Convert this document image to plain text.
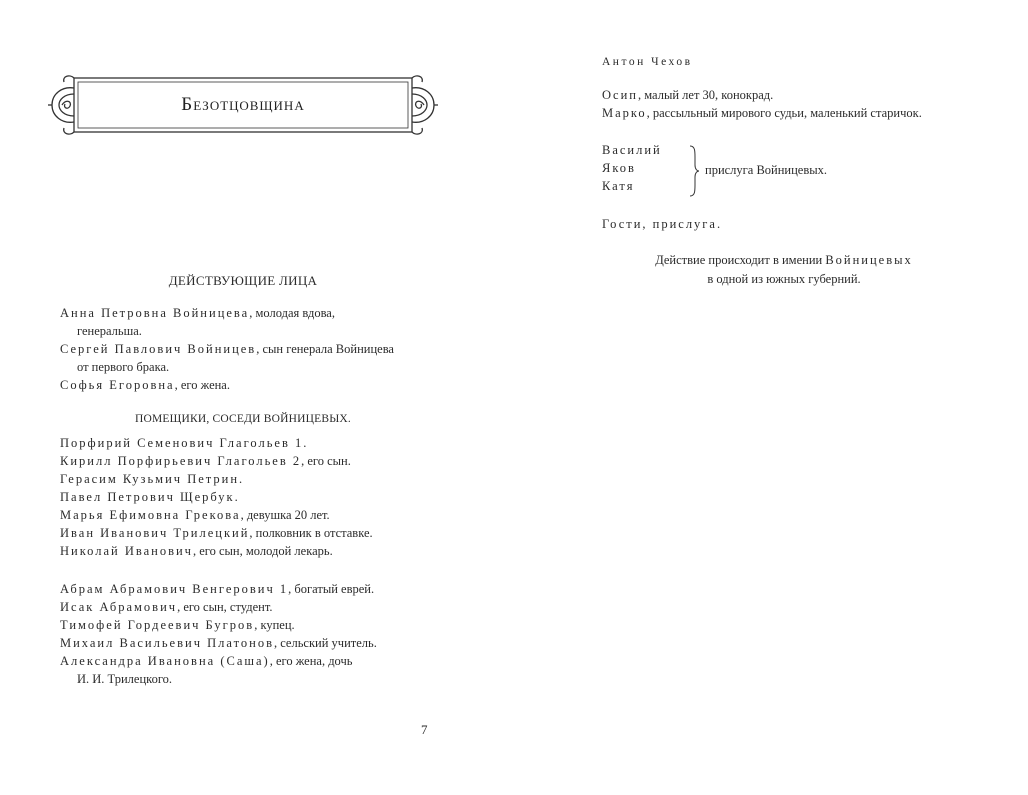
Безотцовщина
ДЕЙСТВУЮЩИЕ ЛИЦА
Анна Петровна Войницева, молодая вдова,
генеральша.
Сергей Павлович Войницев, сын генерала Войницева
от первого брака.
Софья Егоровна, его жена.
ПОМЕЩИКИ, СОСЕДИ ВОЙНИЦЕВЫХ.
Порфирий Семенович Глагольев 1.
Кирилл Порфирьевич Глагольев 2, его сын.
Герасим Кузьмич Петрин.
Павел Петрович Щербук.
Марья Ефимовна Грекова, девушка 20 лет.
Иван Иванович Трилецкий, полковник в отставке.
Николай Иванович, его сын, молодой лекарь.
Абрам Абрамович Венгерович 1, богатый еврей.
Исак Абрамович, его сын, студент.
Тимофей Гордеевич Бугров, купец.
Михаил Васильевич Платонов, сельский учитель.
Александра Ивановна (Саша), его жена, дочь
И. И. Трилецкого.
7
Антон Чехов
Осип, малый лет 30, конокрад.
Марко, рассыльный мирового судьи, маленький старичок.
Василий
Яков
Катя
прислуга Войницевых.
Гости, прислуга.
Действие происходит в имении Войницевых
в одной из южных губерний.
